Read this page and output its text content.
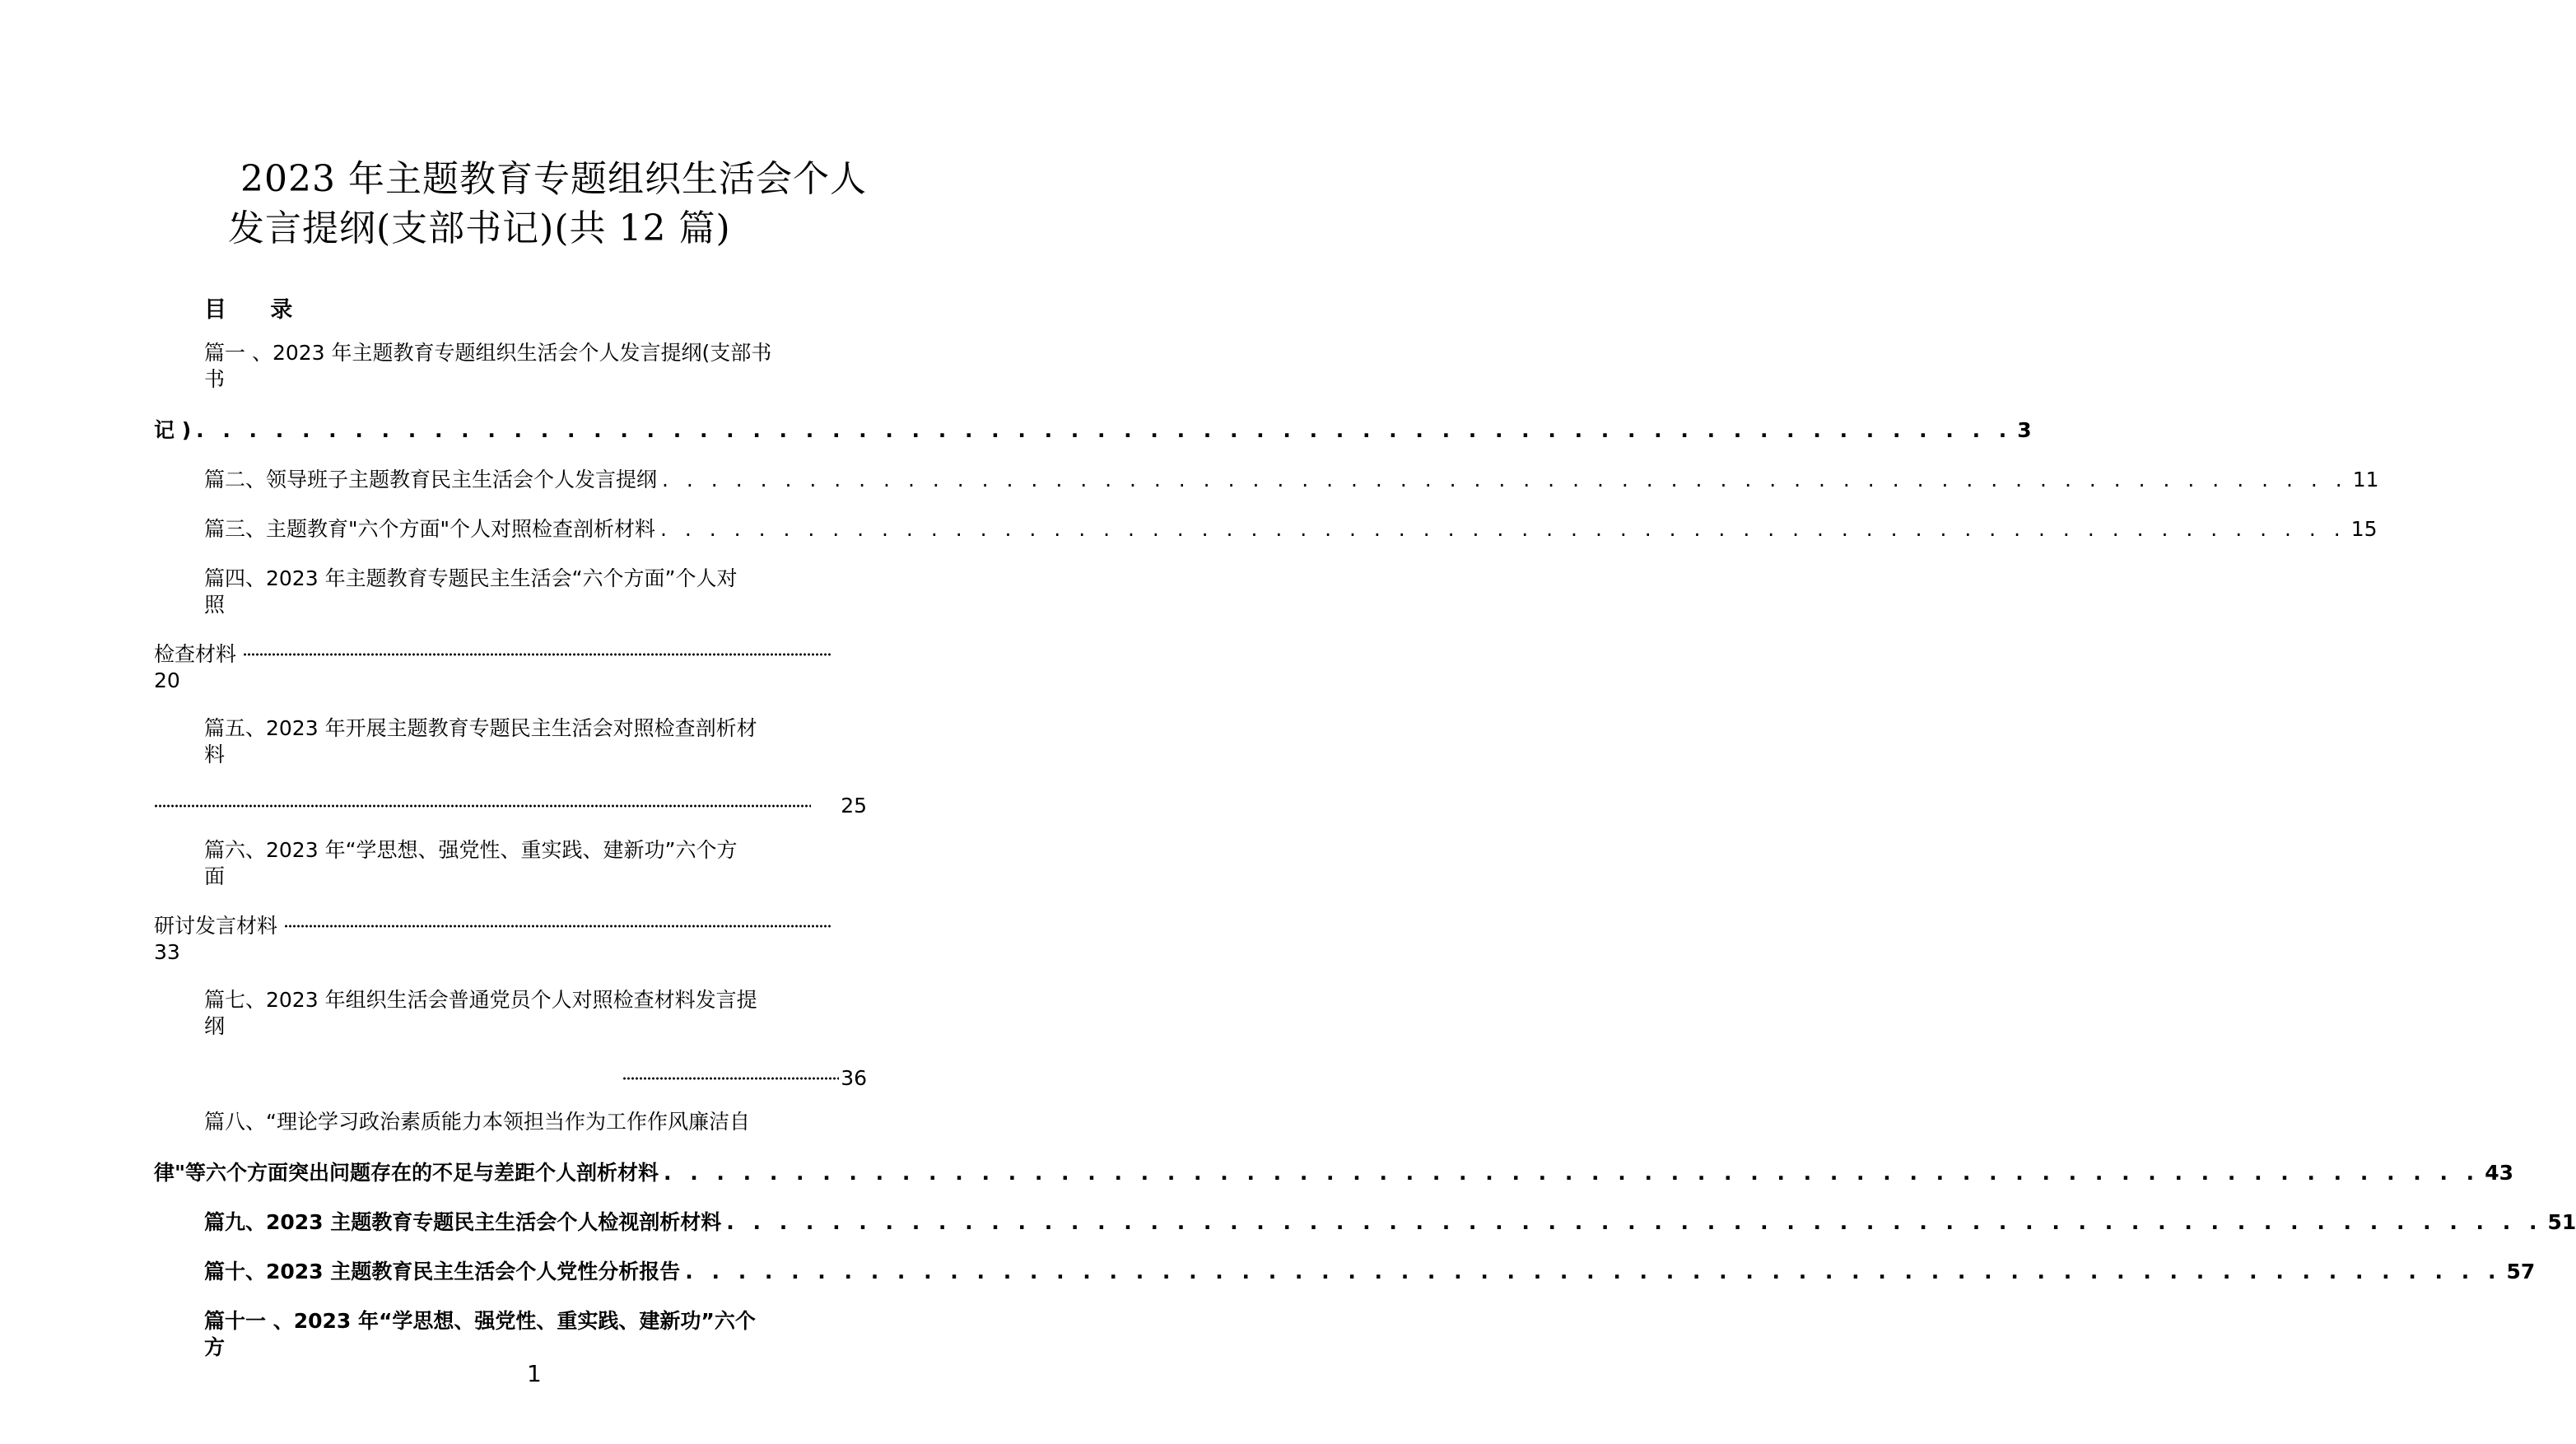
2023 年主题教育专题组织生活会个人
发言提纲(支部书记)(共 12 篇)
目 录
篇一 、2023 年主题教育专题组织生活会个人发言提纲(支部书
书
记 ) . . . . . . . . . . . . . . . . . . . . . . . . . . . . . . . . . . . . . . . . . . . . . . . . . . . . . . . . . . . . . . . . . . . . . 3
篇二、领导班子主题教育民主生活会个人发言提纲 . . . . . . . . . . . . . . . . . . . . . . . . . . . . . . . . . . . . . . . . . . . . . . . . . . . . . . . . . . . . . . . . . . . . . 11
篇三、主题教育"六个方面"个人对照检查剖析材料 . . . . . . . . . . . . . . . . . . . . . . . . . . . . . . . . . . . . . . . . . . . . . . . . . . . . . . . . . . . . . . . . . . . . . 15
篇四、2023 年主题教育专题民主生活会“六个方面”个人对
照
检查材料
20
篇五、2023 年开展主题教育专题民主生活会对照检查剖析材
料
25
篇六、2023 年“学思想、强党性、重实践、建新功”六个方
面
研讨发言材料
33
篇七、2023 年组织生活会普通党员个人对照检查材料发言提
纲
36
篇八、“理论学习政治素质能力本领担当作为工作作风廉洁自
律"等六个方面突出问题存在的不足与差距个人剖析材料 . . . . . . . . . . . . . . . . . . . . . . . . . . . . . . . . . . . . . . . . . . . . . . . . . . . . . . . . . . . . . . . . . . . . . 43
篇九、2023 主题教育专题民主生活会个人检视剖析材料 . . . . . . . . . . . . . . . . . . . . . . . . . . . . . . . . . . . . . . . . . . . . . . . . . . . . . . . . . . . . . . . . . . . . . 51
篇十、2023 主题教育民主生活会个人党性分析报告 . . . . . . . . . . . . . . . . . . . . . . . . . . . . . . . . . . . . . . . . . . . . . . . . . . . . . . . . . . . . . . . . . . . . . 57
篇十一 、2023 年“学思想、强党性、重实践、建新功”六个
方
1
